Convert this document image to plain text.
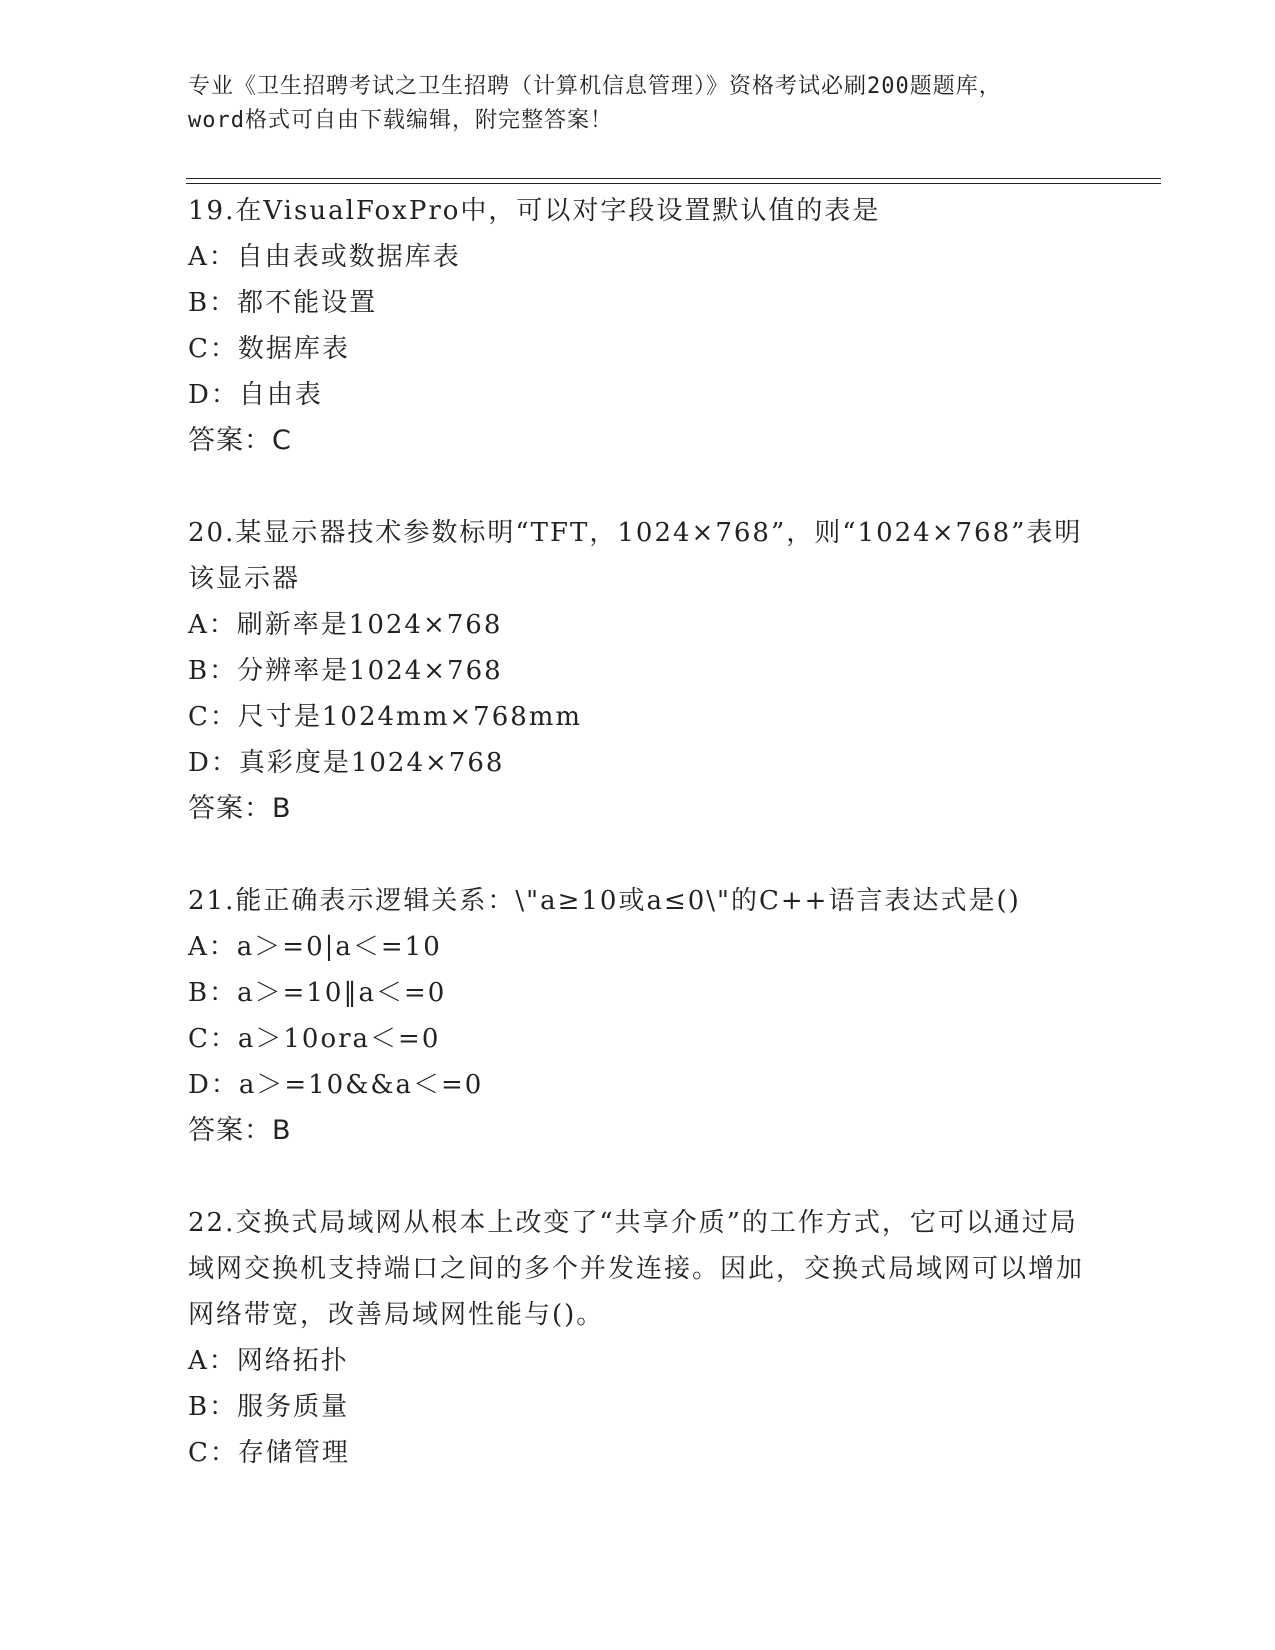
专业《卫生招聘考试之卫生招聘（计算机信息管理）》资格考试必刷200题题库，
word格式可自由下载编辑，附完整答案！
19.在VisualFoxPro中，可以对字段设置默认值的表是
A：自由表或数据库表
B：都不能设置
C：数据库表
D：自由表
答案：C
20.某显示器技术参数标明“TFT，1024×768”，则“1024×768”表明该显示器
A：刷新率是1024×768
B：分辨率是1024×768
C：尺寸是1024mm×768mm
D：真彩度是1024×768
答案：B
21.能正确表示逻辑关系：\"a≥10或a≤0\"的C++语言表达式是()
A：a＞=0|a＜=10
B：a＞=10‖a＜=0
C：a＞10ora＜=0
D：a＞=10&&a＜=0
答案：B
22.交换式局域网从根本上改变了“共享介质”的工作方式，它可以通过局域网交换机支持端口之间的多个并发连接。因此，交换式局域网可以增加网络带宽，改善局域网性能与()。
A：网络拓扑
B：服务质量
C：存储管理
